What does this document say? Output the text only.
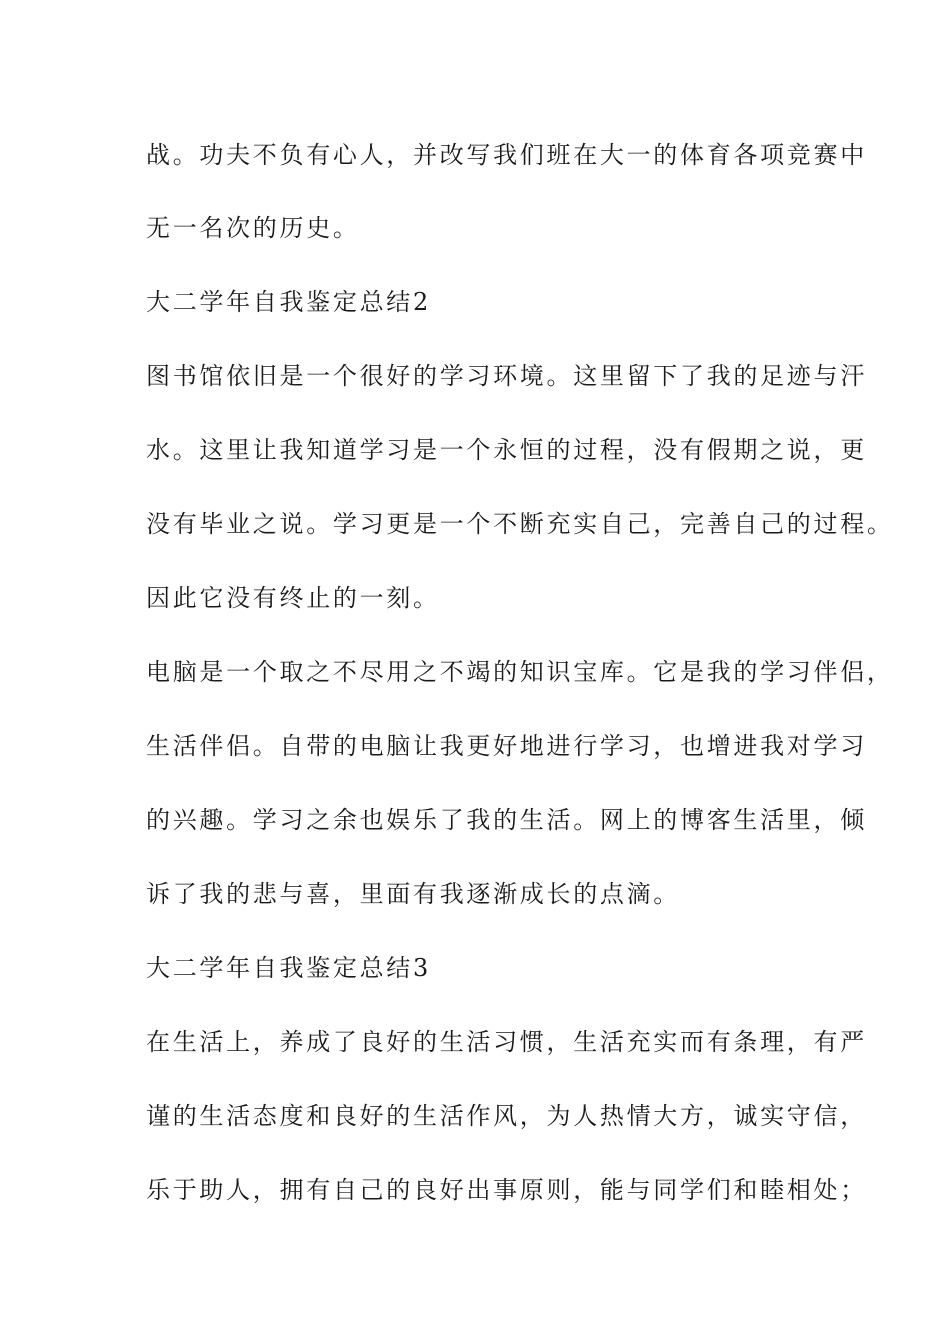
战。功夫不负有心人，并改写我们班在大一的体育各项竞赛中

无一名次的历史。

大二学年自我鉴定总结2

图书馆依旧是一个很好的学习环境。这里留下了我的足迹与汗

水。这里让我知道学习是一个永恒的过程，没有假期之说，更

没有毕业之说。学习更是一个不断充实自己，完善自己的过程。

因此它没有终止的一刻。

电脑是一个取之不尽用之不竭的知识宝库。它是我的学习伴侣，

生活伴侣。自带的电脑让我更好地进行学习，也增进我对学习

的兴趣。学习之余也娱乐了我的生活。网上的博客生活里，倾

诉了我的悲与喜，里面有我逐渐成长的点滴。

大二学年自我鉴定总结3

在生活上，养成了良好的生活习惯，生活充实而有条理，有严

谨的生活态度和良好的生活作风，为人热情大方，诚实守信，

乐于助人，拥有自己的良好出事原则，能与同学们和睦相处；
